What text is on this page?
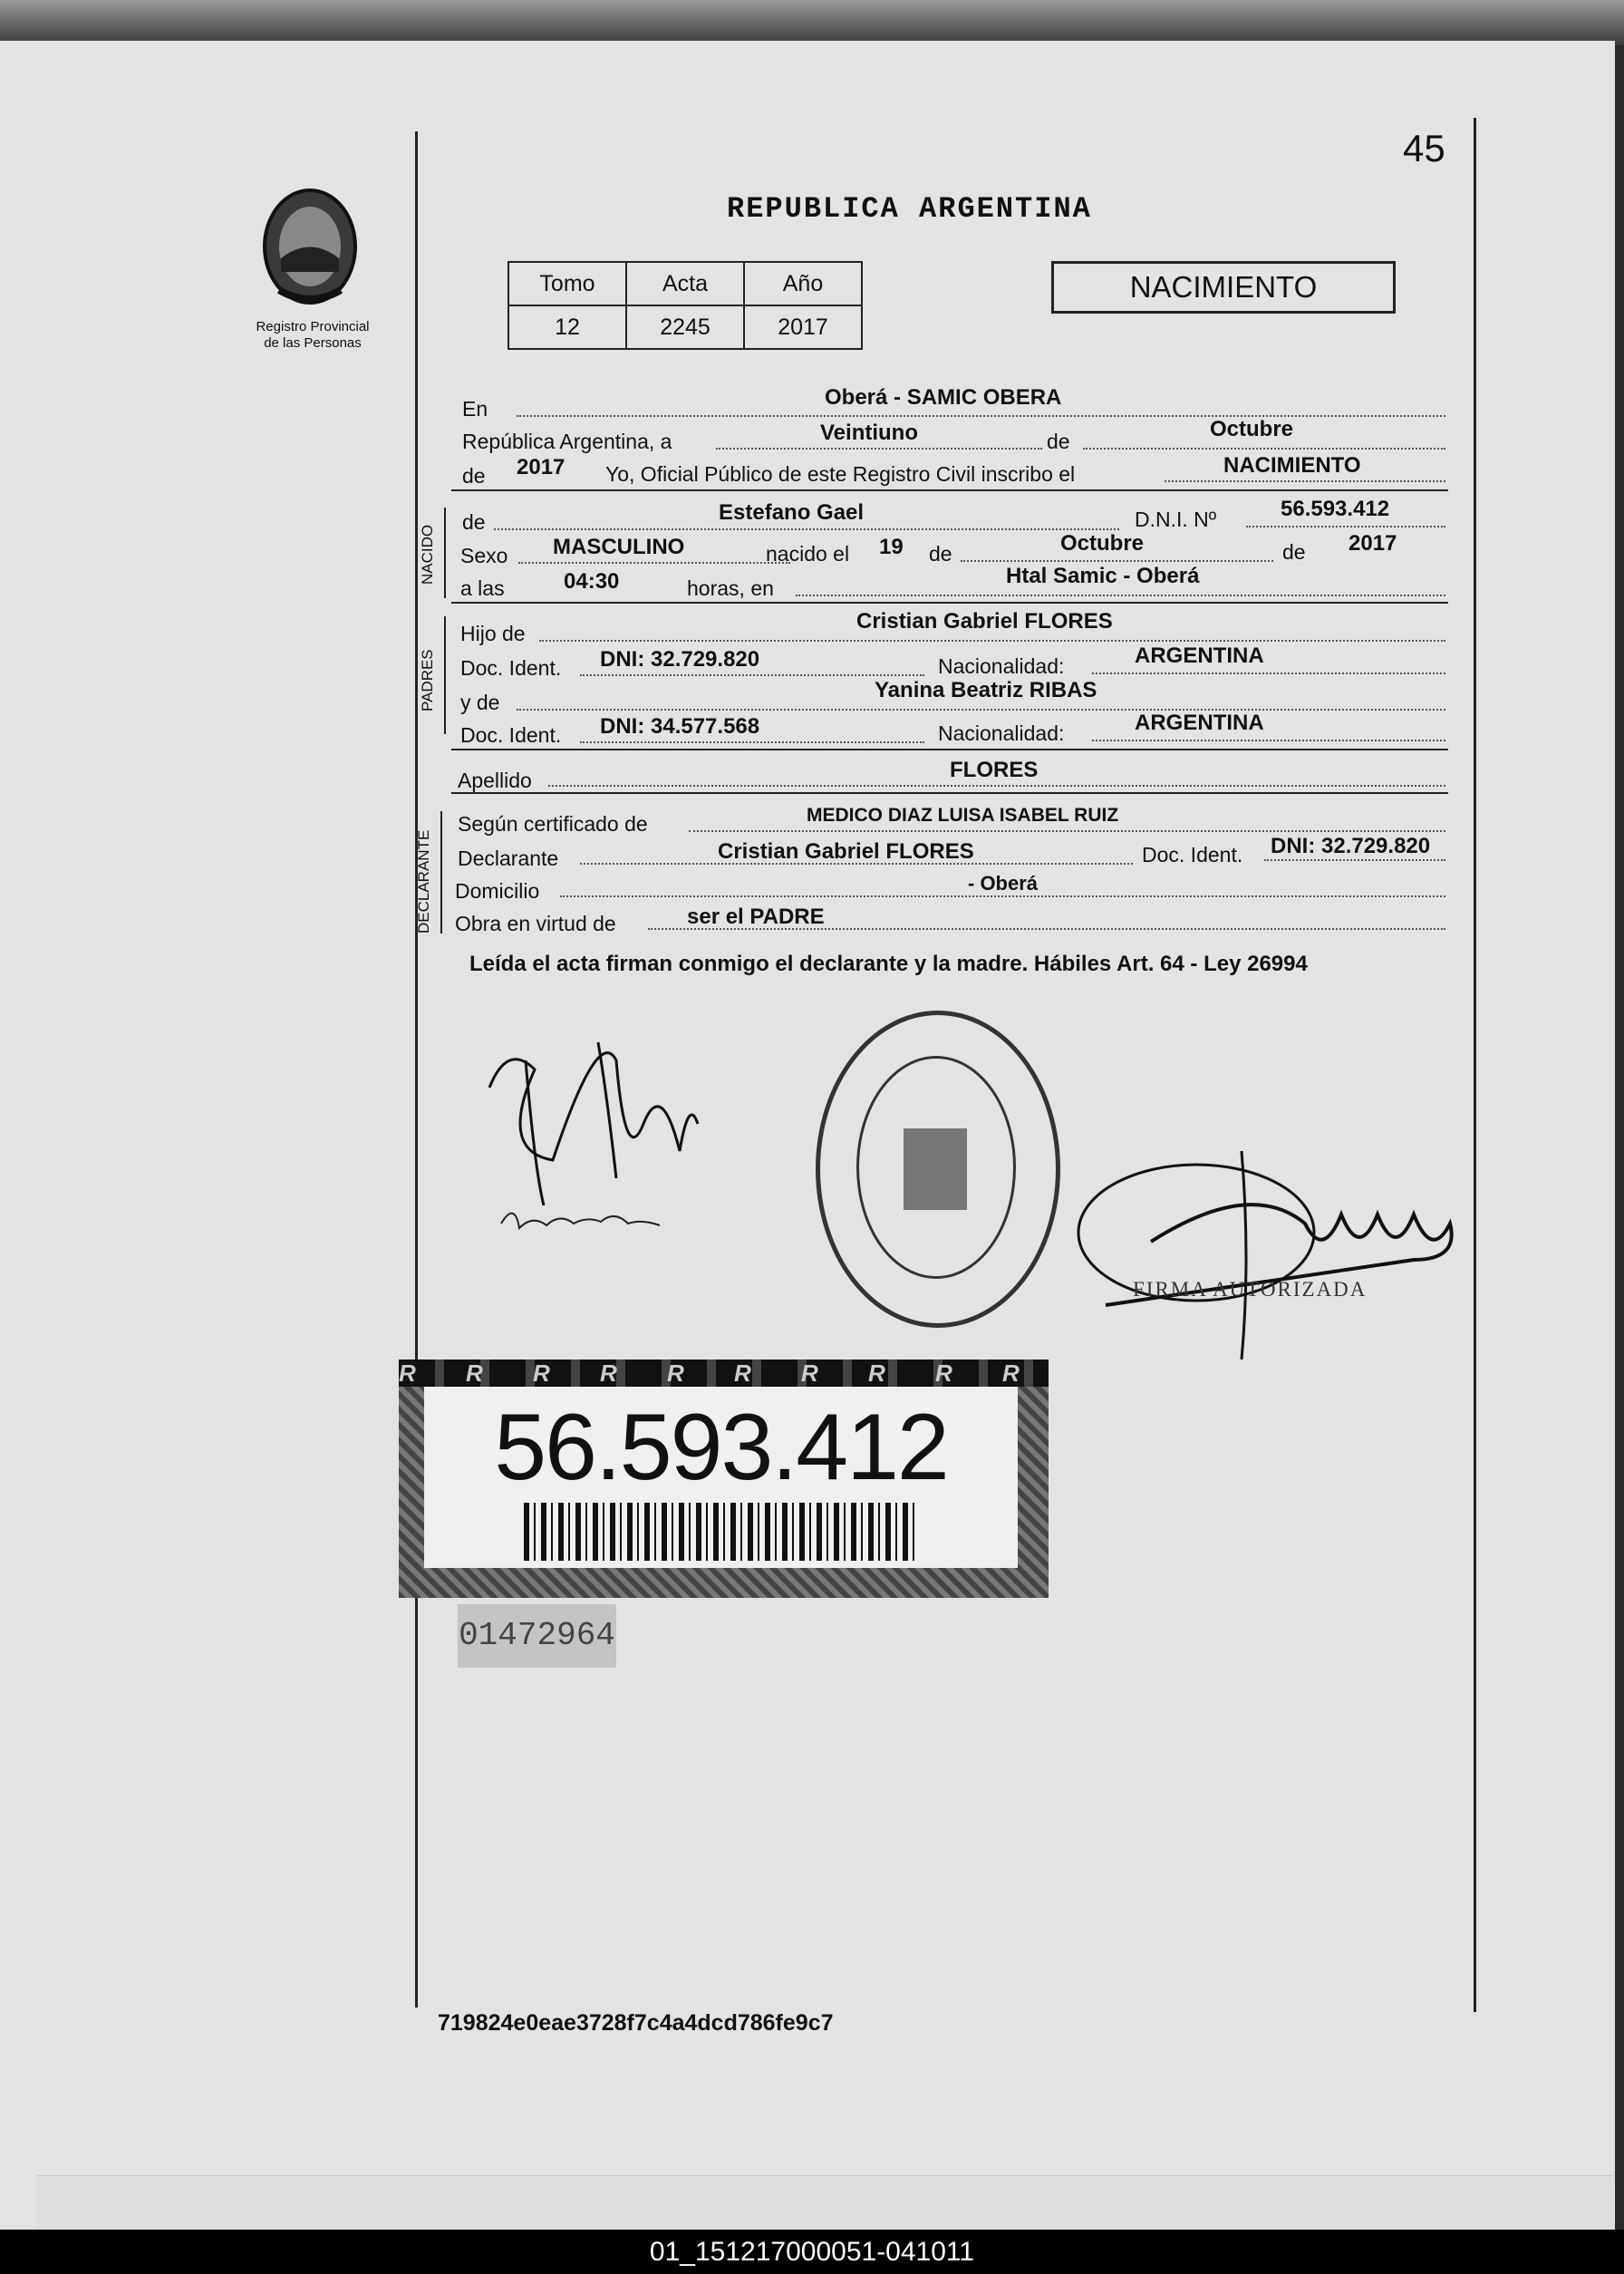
45
Registro Provincial
de las Personas
REPUBLICA ARGENTINA
Tomo	Acta	Año
12	2245	2017
NACIMIENTO
En	Oberá - SAMIC OBERA
República Argentina, a	Veintiuno	de	Octubre
de 2017 Yo, Oficial Público de este Registro Civil inscribo el	NACIMIENTO
NACIDO
de	Estefano Gael	D.N.I. Nº	56.593.412
Sexo MASCULINO	nacido el 19 de	Octubre	de 2017
a las	04:30	horas, en	Htal Samic - Oberá
PADRES
Hijo de	Cristian Gabriel FLORES
Doc. Ident. DNI: 32.729.820	Nacionalidad:	ARGENTINA
y de	Yanina Beatriz RIBAS
Doc. Ident. DNI: 34.577.568	Nacionalidad:	ARGENTINA
Apellido	FLORES
DECLARANTE
Según certificado de	MEDICO DIAZ LUISA ISABEL RUIZ
Declarante	Cristian Gabriel FLORES	Doc. Ident. DNI: 32.729.820
Domicilio	- Oberá
Obra en virtud de	ser el PADRE
Leída el acta firman conmigo el declarante y la madre. Hábiles Art. 64 - Ley 26994
FIRMA AUTORIZADA
R R R R R R R R R R
56.593.412
01472964
719824e0eae3728f7c4a4dcd786fe9c7
01_151217000051-041011
